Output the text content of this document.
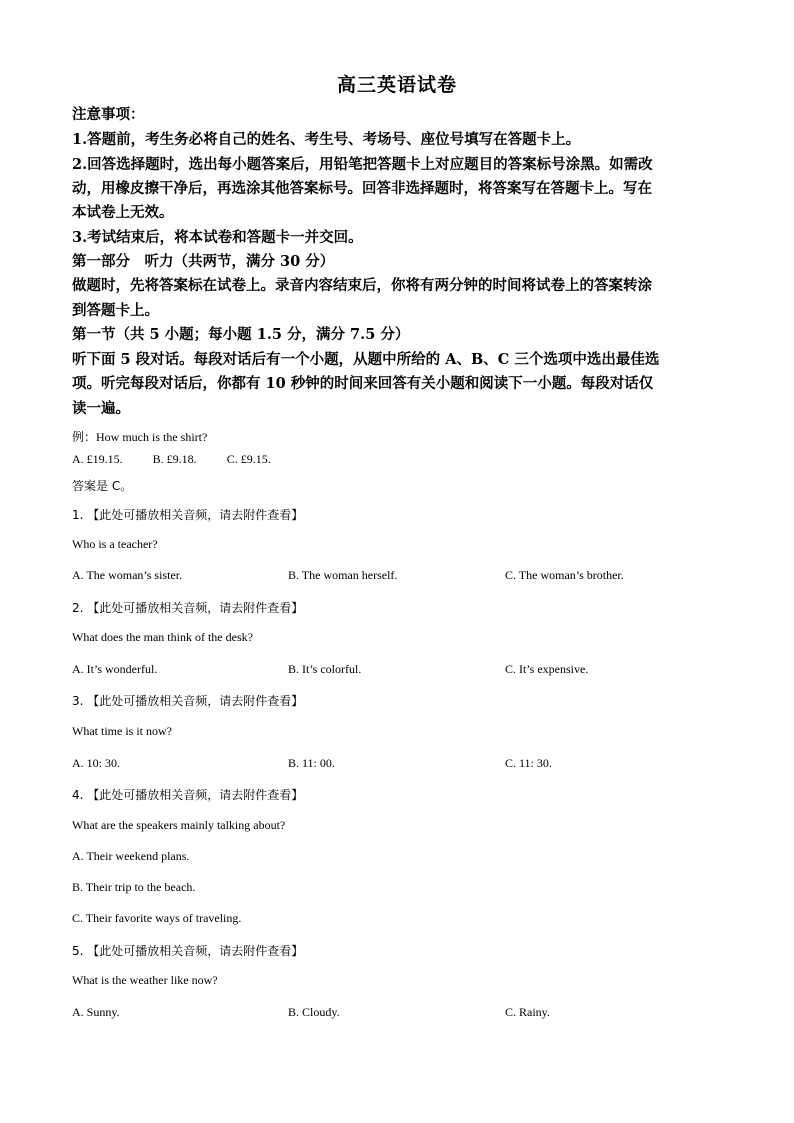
高三英语试卷
注意事项：
1.答题前，考生务必将自己的姓名、考生号、考场号、座位号填写在答题卡上。
2.回答选择题时，选出每小题答案后，用铅笔把答题卡上对应题目的答案标号涂黑。如需改
动，用橡皮擦干净后，再选涂其他答案标号。回答非选择题时，将答案写在答题卡上。写在
本试卷上无效。
3.考试结束后，将本试卷和答题卡一并交回。
第一部分　听力（共两节，满分 30 分）
做题时，先将答案标在试卷上。录音内容结束后，你将有两分钟的时间将试卷上的答案转涂
到答题卡上。
第一节（共 5 小题；每小题 1.5 分，满分 7.5 分）
听下面 5 段对话。每段对话后有一个小题，从题中所给的 A、B、C 三个选项中选出最佳选
项。听完每段对话后，你都有 10 秒钟的时间来回答有关小题和阅读下一小题。每段对话仅
读一遍。
例：How much is the shirt?
A. £19.15.	B. £9.18.	C. £9.15.
答案是 C。
1. 【此处可播放相关音频，请去附件查看】
Who is a teacher?
A. The woman’s sister.	B. The woman herself.	C. The woman’s brother.
2. 【此处可播放相关音频，请去附件查看】
What does the man think of the desk?
A. It’s wonderful.	B. It’s colorful.	C. It’s expensive.
3. 【此处可播放相关音频，请去附件查看】
What time is it now?
A. 10: 30.	B. 11: 00.	C. 11: 30.
4. 【此处可播放相关音频，请去附件查看】
What are the speakers mainly talking about?
A. Their weekend plans.
B. Their trip to the beach.
C. Their favorite ways of traveling.
5. 【此处可播放相关音频，请去附件查看】
What is the weather like now?
A. Sunny.	B. Cloudy.	C. Rainy.
